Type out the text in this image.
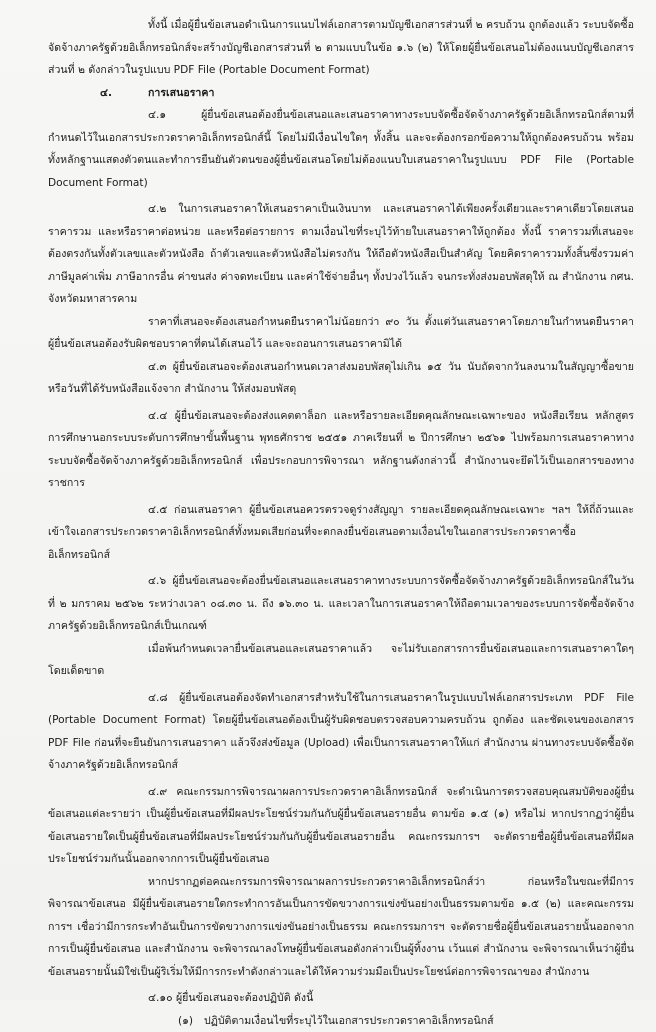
ทั้งนี้ เมื่อผู้ยื่นข้อเสนอดำเนินการแนบไฟล์เอกสารตามบัญชีเอกสารส่วนที่ ๒ ครบถ้วน ถูกต้องแล้ว ระบบจัดซื้อจัดจ้างภาครัฐด้วยอิเล็กทรอนิกส์จะสร้างบัญชีเอกสารส่วนที่ ๒ ตามแบบในข้อ ๑.๖ (๒) ให้โดยผู้ยื่นข้อเสนอไม่ต้องแนบบัญชีเอกสารส่วนที่ ๒ ดังกล่าวในรูปแบบ PDF File (Portable Document Format)

๔.	การเสนอราคา

๔.๑ ผู้ยื่นข้อเสนอต้องยื่นข้อเสนอและเสนอราคาทางระบบจัดซื้อจัดจ้างภาครัฐด้วยอิเล็กทรอนิกส์ตามที่กำหนดไว้ในเอกสารประกวดราคาอิเล็กทรอนิกส์นี้ โดยไม่มีเงื่อนไขใดๆ ทั้งสิ้น และจะต้องกรอกข้อความให้ถูกต้องครบถ้วน พร้อมทั้งหลักฐานแสดงตัวตนและทำการยืนยันตัวตนของผู้ยื่นข้อเสนอโดยไม่ต้องแนบใบเสนอราคาในรูปแบบ PDF File (Portable Document Format)

๔.๒ ในการเสนอราคาให้เสนอราคาเป็นเงินบาท และเสนอราคาได้เพียงครั้งเดียวและราคาเดียวโดยเสนอราคารวม และหรือราคาต่อหน่วย และหรือต่อรายการ ตามเงื่อนไขที่ระบุไว้ท้ายใบเสนอราคาให้ถูกต้อง ทั้งนี้ ราคารวมที่เสนอจะต้องตรงกันทั้งตัวเลขและตัวหนังสือ ถ้าตัวเลขและตัวหนังสือไม่ตรงกัน ให้ถือตัวหนังสือเป็นสำคัญ โดยคิดราคารวมทั้งสิ้นซึ่งรวมค่าภาษีมูลค่าเพิ่ม ภาษีอากรอื่น ค่าขนส่ง ค่าจดทะเบียน และค่าใช้จ่ายอื่นๆ ทั้งปวงไว้แล้ว จนกระทั่งส่งมอบพัสดุให้ ณ สำนักงาน กศน. จังหวัดมหาสารคาม

ราคาที่เสนอจะต้องเสนอกำหนดยืนราคาไม่น้อยกว่า ๙๐ วัน ตั้งแต่วันเสนอราคาโดยภายในกำหนดยืนราคา ผู้ยื่นข้อเสนอต้องรับผิดชอบราคาที่ตนได้เสนอไว้ และจะถอนการเสนอราคามิได้

๔.๓ ผู้ยื่นข้อเสนอจะต้องเสนอกำหนดเวลาส่งมอบพัสดุไม่เกิน ๑๕ วัน นับถัดจากวันลงนามในสัญญาซื้อขาย หรือวันที่ได้รับหนังสือแจ้งจาก สำนักงาน ให้ส่งมอบพัสดุ

๔.๔ ผู้ยื่นข้อเสนอจะต้องส่งแคตตาล็อก และหรือรายละเอียดคุณลักษณะเฉพาะของ หนังสือเรียน หลักสูตรการศึกษานอกระบบระดับการศึกษาขั้นพื้นฐาน พุทธศักราช ๒๕๕๑ ภาคเรียนที่ ๒ ปีการศึกษา ๒๕๖๑ ไปพร้อมการเสนอราคาทางระบบจัดซื้อจัดจ้างภาครัฐด้วยอิเล็กทรอนิกส์ เพื่อประกอบการพิจารณา หลักฐานดังกล่าวนี้ สำนักงานจะยึดไว้เป็นเอกสารของทางราชการ

๔.๕ ก่อนเสนอราคา ผู้ยื่นข้อเสนอควรตรวจดูร่างสัญญา รายละเอียดคุณลักษณะเฉพาะ ฯลฯ ให้ถี่ถ้วนและเข้าใจเอกสารประกวดราคาอิเล็กทรอนิกส์ทั้งหมดเสียก่อนที่จะตกลงยื่นข้อเสนอตามเงื่อนไขในเอกสารประกวดราคาซื้ออิเล็กทรอนิกส์

๔.๖ ผู้ยื่นข้อเสนอจะต้องยื่นข้อเสนอและเสนอราคาทางระบบการจัดซื้อจัดจ้างภาครัฐด้วยอิเล็กทรอนิกส์ในวันที่ ๒ มกราคม ๒๕๖๒ ระหว่างเวลา ๐๘.๓๐ น. ถึง ๑๖.๓๐ น. และเวลาในการเสนอราคาให้ถือตามเวลาของระบบการจัดซื้อจัดจ้างภาครัฐด้วยอิเล็กทรอนิกส์เป็นเกณฑ์

เมื่อพ้นกำหนดเวลายื่นข้อเสนอและเสนอราคาแล้ว จะไม่รับเอกสารการยื่นข้อเสนอและการเสนอราคาใดๆ โดยเด็ดขาด

๔.๘ ผู้ยื่นข้อเสนอต้องจัดทำเอกสารสำหรับใช้ในการเสนอราคาในรูปแบบไฟล์เอกสารประเภท PDF File (Portable Document Format) โดยผู้ยื่นข้อเสนอต้องเป็นผู้รับผิดชอบตรวจสอบความครบถ้วน ถูกต้อง และชัดเจนของเอกสาร PDF File ก่อนที่จะยืนยันการเสนอราคา แล้วจึงส่งข้อมูล (Upload) เพื่อเป็นการเสนอราคาให้แก่ สำนักงาน ผ่านทางระบบจัดซื้อจัดจ้างภาครัฐด้วยอิเล็กทรอนิกส์

๔.๙ คณะกรรมการพิจารณาผลการประกวดราคาอิเล็กทรอนิกส์ จะดำเนินการตรวจสอบคุณสมบัติของผู้ยื่นข้อเสนอแต่ละรายว่า เป็นผู้ยื่นข้อเสนอที่มีผลประโยชน์ร่วมกันกับผู้ยื่นข้อเสนอรายอื่น ตามข้อ ๑.๕ (๑) หรือไม่ หากปรากฏว่าผู้ยื่นข้อเสนอรายใดเป็นผู้ยื่นข้อเสนอที่มีผลประโยชน์ร่วมกันกับผู้ยื่นข้อเสนอรายอื่น คณะกรรมการฯ จะตัดรายชื่อผู้ยื่นข้อเสนอที่มีผลประโยชน์ร่วมกันนั้นออกจากการเป็นผู้ยื่นข้อเสนอ

หากปรากฏต่อคณะกรรมการพิจารณาผลการประกวดราคาอิเล็กทรอนิกส์ว่า ก่อนหรือในขณะที่มีการพิจารณาข้อเสนอ มีผู้ยื่นข้อเสนอรายใดกระทำการอันเป็นการขัดขวางการแข่งขันอย่างเป็นธรรมตามข้อ ๑.๕ (๒) และคณะกรรมการฯ เชื่อว่ามีการกระทำอันเป็นการขัดขวางการแข่งขันอย่างเป็นธรรม คณะกรรมการฯ จะตัดรายชื่อผู้ยื่นข้อเสนอรายนั้นออกจากการเป็นผู้ยื่นข้อเสนอ และสำนักงาน จะพิจารณาลงโทษผู้ยื่นข้อเสนอดังกล่าวเป็นผู้ทิ้งงาน เว้นแต่ สำนักงาน จะพิจารณาเห็นว่าผู้ยื่นข้อเสนอรายนั้นมิใช่เป็นผู้ริเริ่มให้มีการกระทำดังกล่าวและได้ให้ความร่วมมือเป็นประโยชน์ต่อการพิจารณาของ สำนักงาน

๔.๑๐ ผู้ยื่นข้อเสนอจะต้องปฏิบัติ ดังนี้

(๑) ปฏิบัติตามเงื่อนไขที่ระบุไว้ในเอกสารประกวดราคาอิเล็กทรอนิกส์
